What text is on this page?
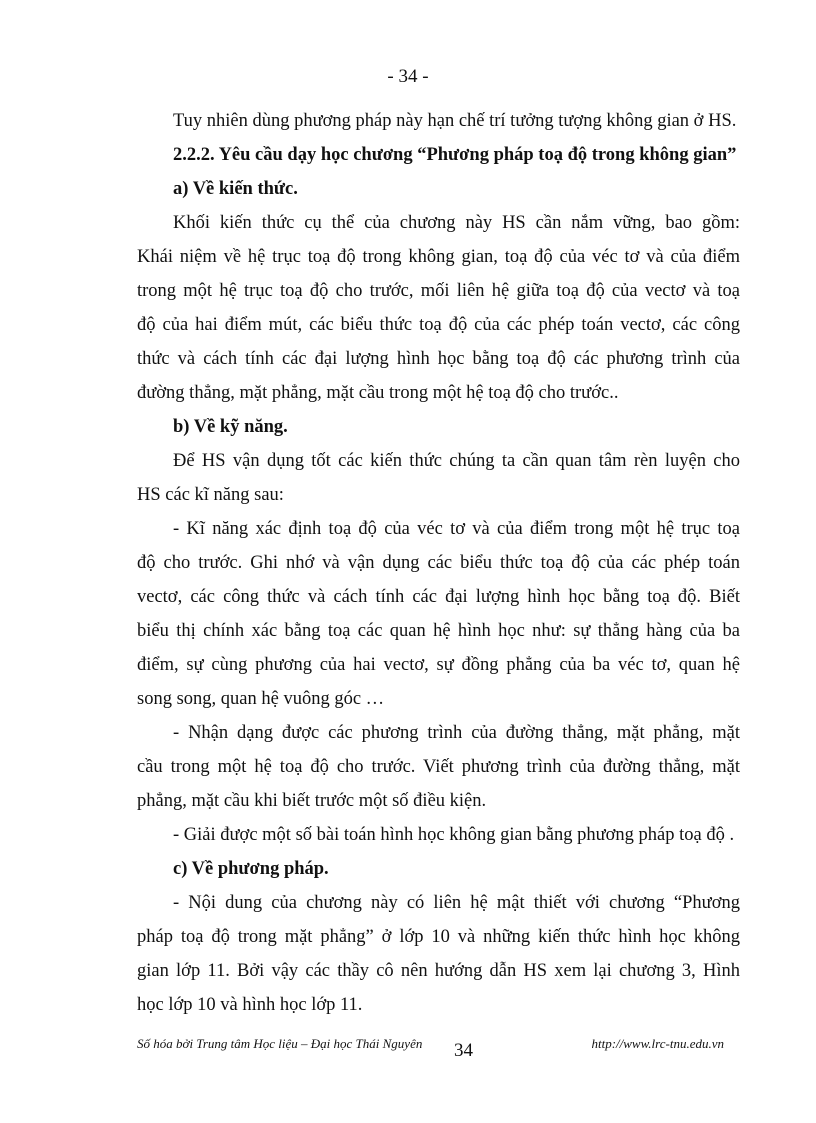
- 34 -
Tuy nhiên dùng phương pháp này hạn chế trí tưởng tượng không gian ở HS.
2.2.2. Yêu cầu dạy học chương “Phương pháp toạ độ trong không gian”
a) Về kiến thức.
Khối kiến thức cụ thể của chương này HS cần nắm vững, bao gồm:
Khái niệm về hệ trục toạ độ trong không gian, toạ độ của véc tơ và của điểm
trong một hệ trục toạ độ cho trước, mối liên hệ giữa toạ độ của vectơ và toạ
độ của hai điểm mút, các biểu thức toạ độ của các phép toán vectơ, các công
thức và cách tính các đại lượng hình học bằng toạ độ các phương trình của
đường thẳng, mặt phẳng, mặt cầu trong một hệ toạ độ cho trước..
b) Về kỹ năng.
Để HS vận dụng tốt các kiến thức chúng ta cần quan tâm rèn luyện cho
HS các kĩ năng sau:
- Kĩ năng xác định toạ độ của véc tơ và của điểm trong một hệ trục toạ
độ cho trước. Ghi nhớ và vận dụng các biểu thức toạ độ của các phép toán
vectơ, các công thức và cách tính các đại lượng hình học bằng toạ độ. Biết
biểu thị chính xác bằng toạ các quan hệ hình học như: sự thẳng hàng của ba
điểm, sự cùng phương của hai vectơ, sự đồng phẳng của ba véc tơ, quan hệ
song song, quan hệ vuông góc …
- Nhận dạng được các phương trình của đường thẳng, mặt phẳng, mặt
cầu trong một hệ toạ độ cho trước. Viết phương trình của đường thẳng, mặt
phẳng, mặt cầu khi biết trước một số điều kiện.
- Giải được một số bài toán hình học không gian bằng phương pháp toạ độ .
c) Về phương pháp.
- Nội dung của chương này có liên hệ mật thiết với chương “Phương
pháp toạ độ trong mặt phẳng” ở lớp 10 và những kiến thức hình học không
gian lớp 11. Bởi vậy các thầy cô nên hướng dẫn HS xem lại chương 3, Hình
học lớp 10 và hình học lớp 11.
Số hóa bởi Trung tâm Học liệu – Đại học Thái Nguyên 34	http://www.lrc-tnu.edu.vn
